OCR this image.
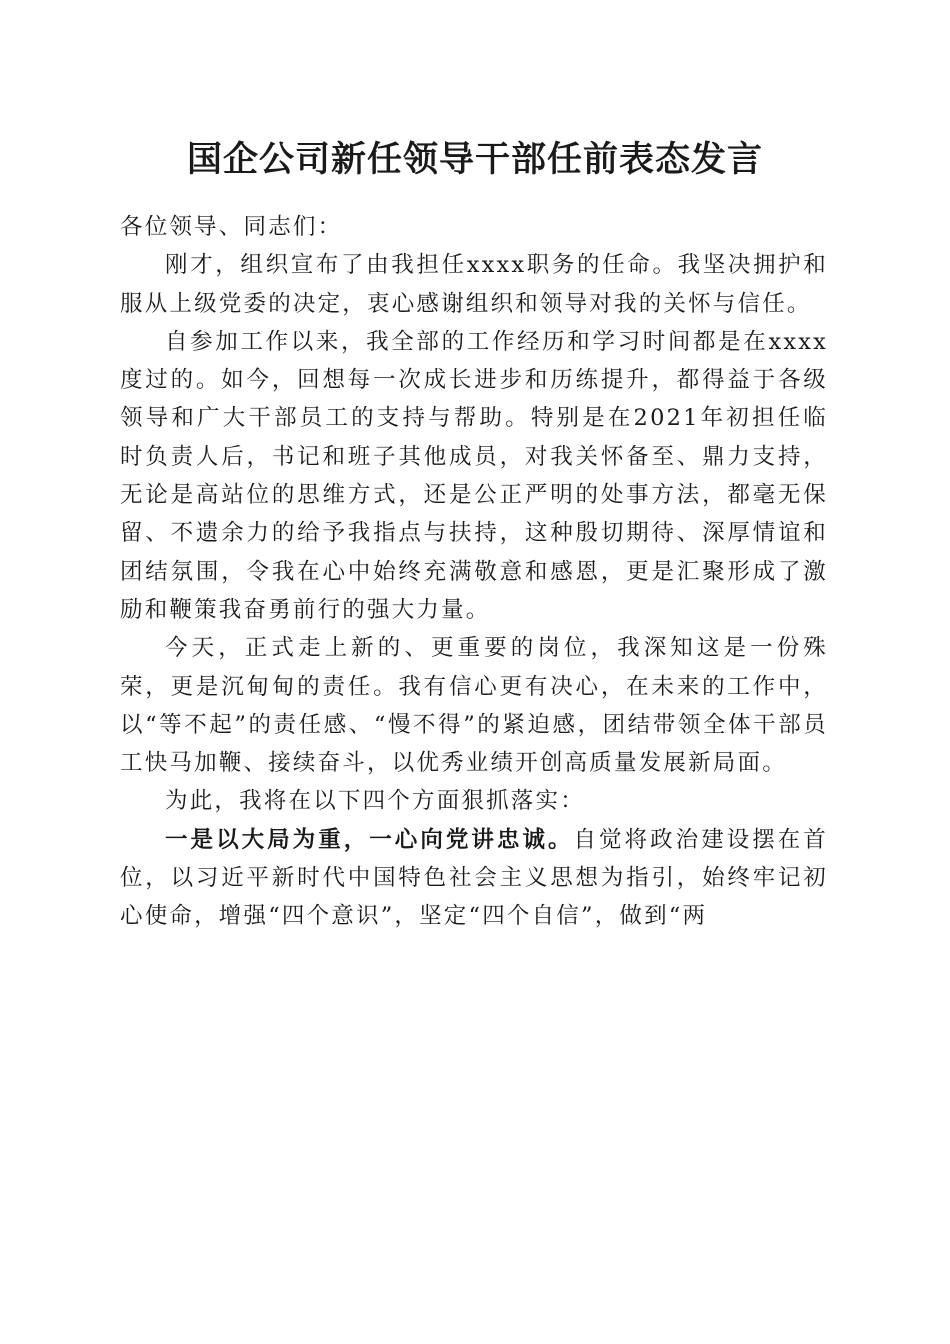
国企公司新任领导干部任前表态发言

各位领导、同志们：

刚才，组织宣布了由我担任xxxx职务的任命。我坚决拥护和服从上级党委的决定，衷心感谢组织和领导对我的关怀与信任。

自参加工作以来，我全部的工作经历和学习时间都是在xxxx度过的。如今，回想每一次成长进步和历练提升，都得益于各级领导和广大干部员工的支持与帮助。特别是在2021年初担任临时负责人后，书记和班子其他成员，对我关怀备至、鼎力支持，无论是高站位的思维方式，还是公正严明的处事方法，都毫无保留、不遗余力的给予我指点与扶持，这种殷切期待、深厚情谊和团结氛围，令我在心中始终充满敬意和感恩，更是汇聚形成了激励和鞭策我奋勇前行的强大力量。

今天，正式走上新的、更重要的岗位，我深知这是一份殊荣，更是沉甸甸的责任。我有信心更有决心，在未来的工作中，以“等不起”的责任感、“慢不得”的紧迫感，团结带领全体干部员工快马加鞭、接续奋斗，以优秀业绩开创高质量发展新局面。

为此，我将在以下四个方面狠抓落实：

一是以大局为重，一心向党讲忠诚。自觉将政治建设摆在首位，以习近平新时代中国特色社会主义思想为指引，始终牢记初心使命，增强“四个意识”，坚定“四个自信”，做到“两
